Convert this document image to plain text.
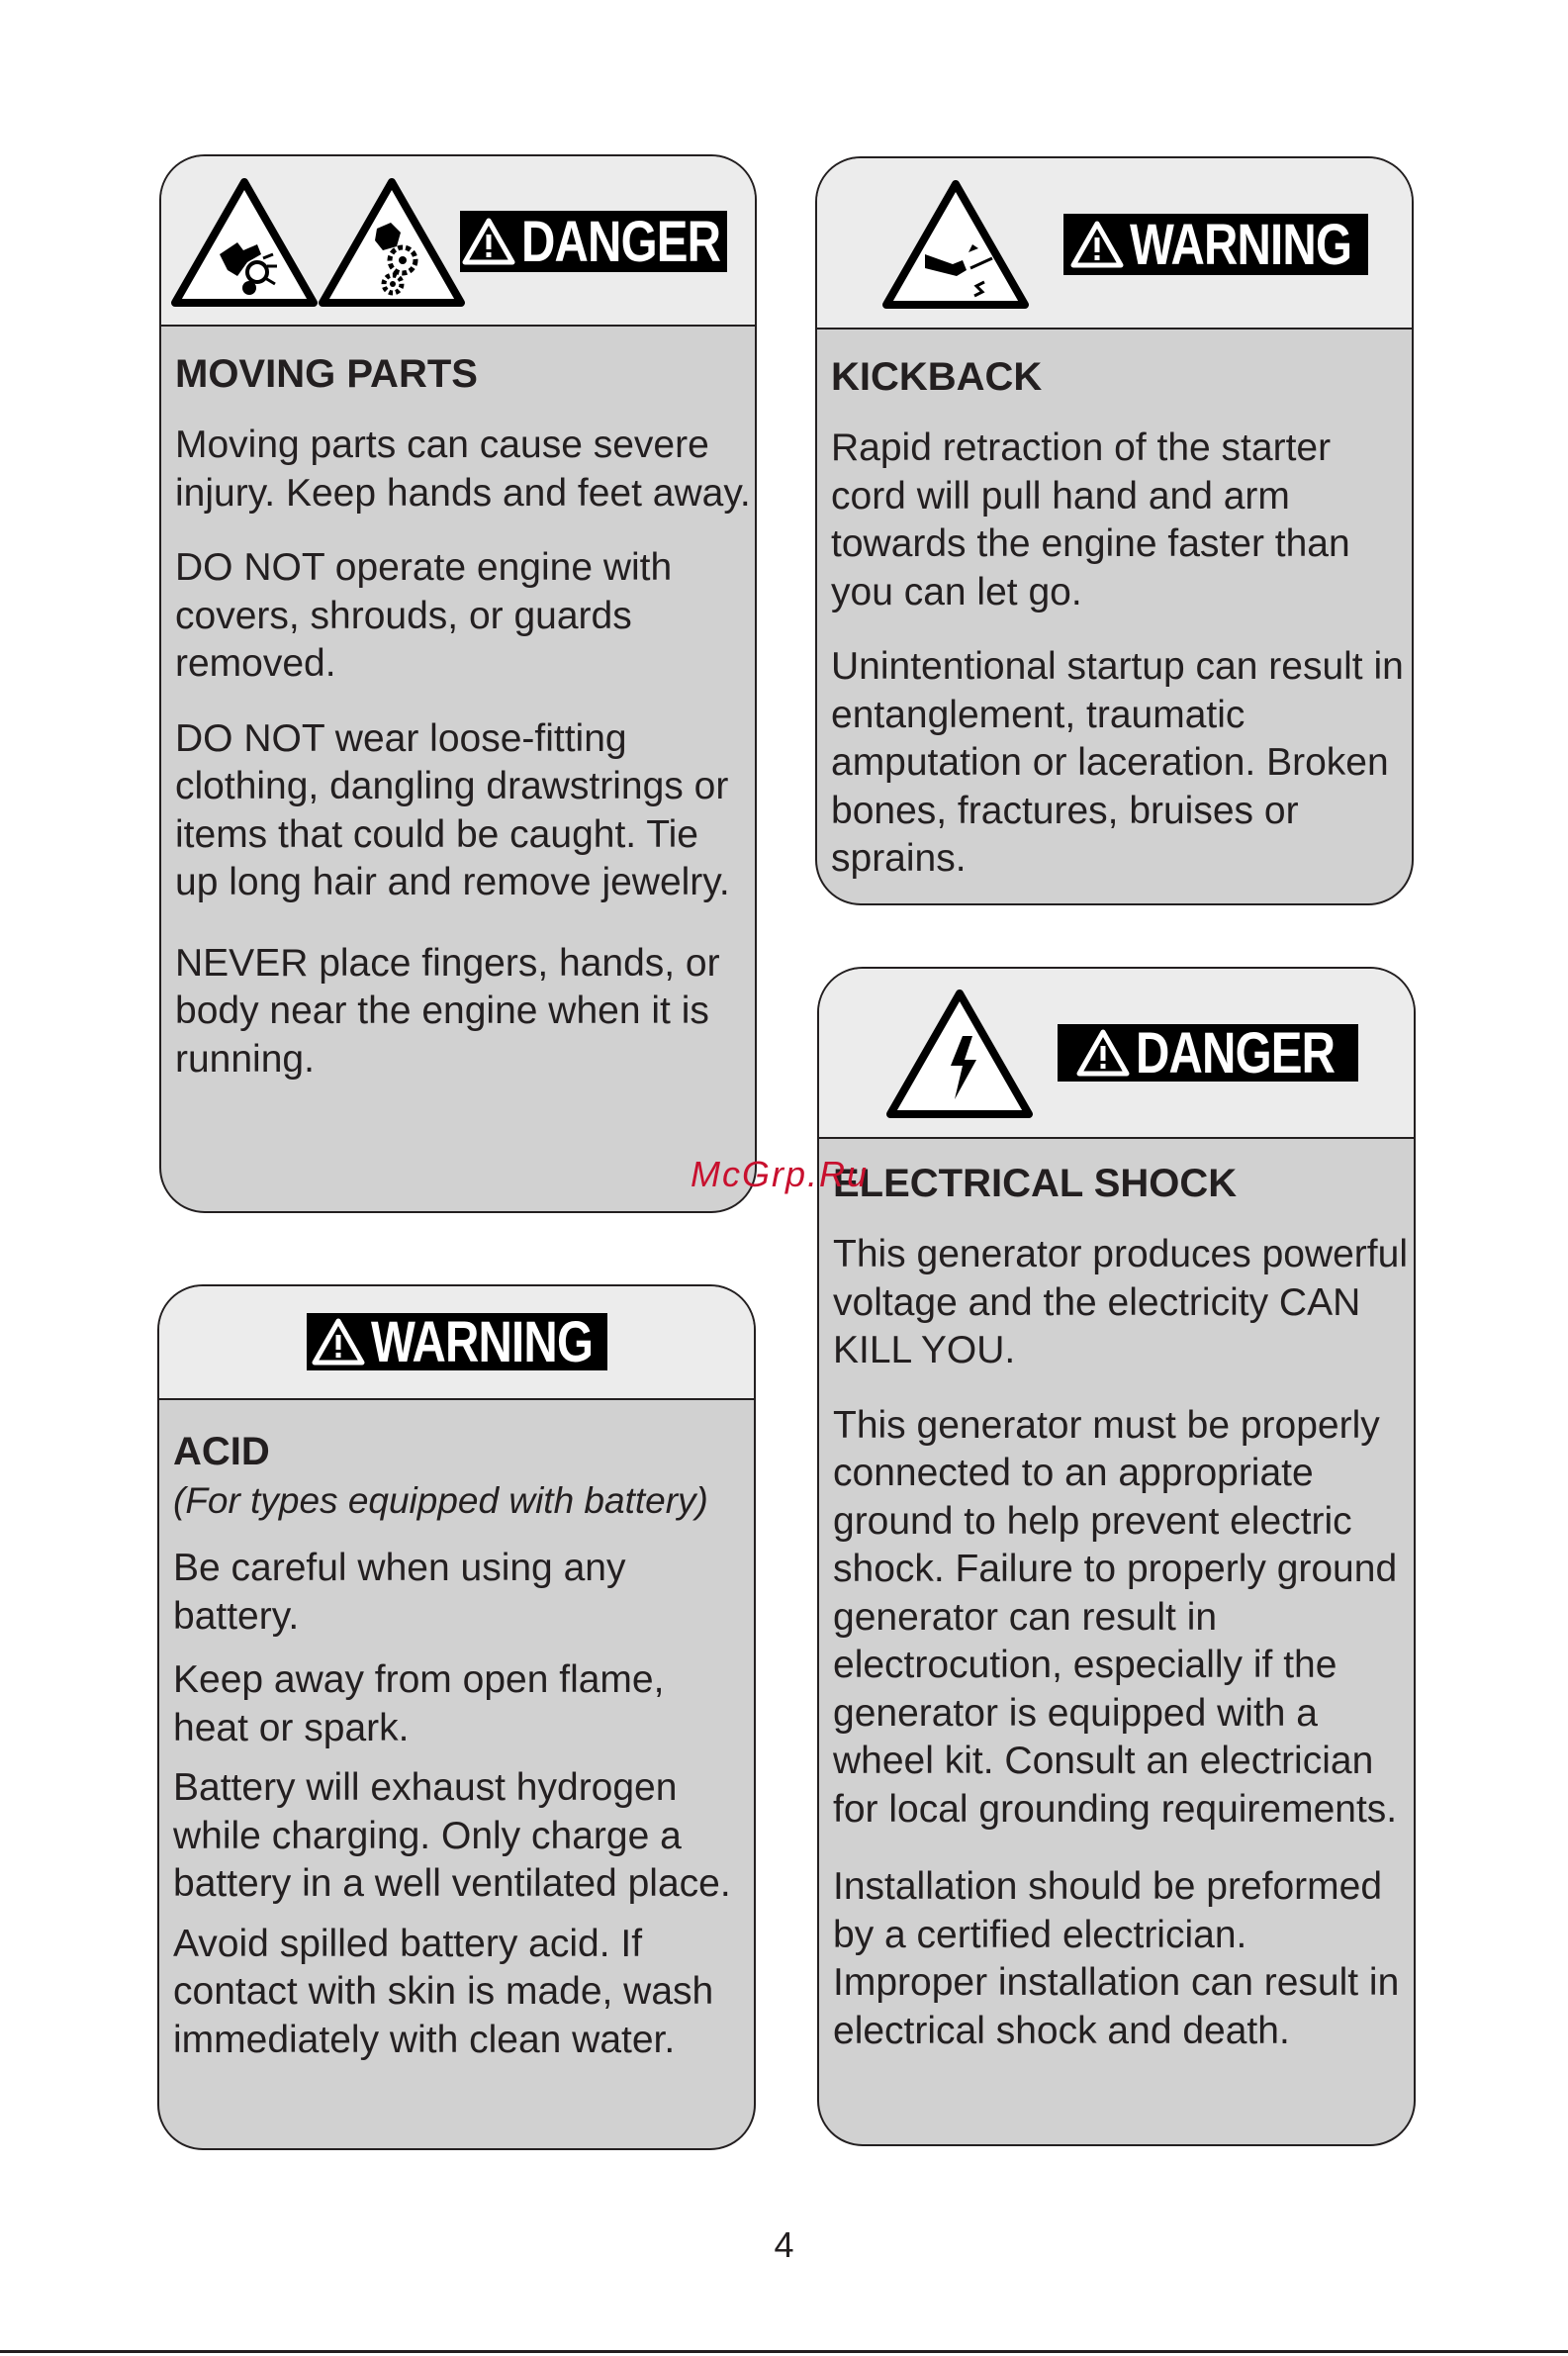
DANGER
MOVING PARTS

Moving parts can cause severe injury. Keep hands and feet away.

DO NOT operate engine with covers, shrouds, or guards removed.

DO NOT wear loose-fitting clothing, dangling drawstrings or items that could be caught. Tie up long hair and remove jewelry.

NEVER place fingers, hands, or body near the engine when it is running.

WARNING
KICKBACK

Rapid retraction of the starter cord will pull hand and arm towards the engine faster than you can let go.

Unintentional startup can result in entanglement, traumatic amputation or laceration. Broken bones, fractures, bruises or sprains.

DANGER
ELECTRICAL SHOCK

This generator produces powerful voltage and the electricity CAN KILL YOU.

This generator must be properly connected to an appropriate ground to help prevent electric shock. Failure to properly ground generator can result in electrocution, especially if the generator is equipped with a wheel kit. Consult an electrician for local grounding requirements.

Installation should be preformed by a certified electrician. Improper installation can result in electrical shock and death.

WARNING
ACID

(For types equipped with battery)

Be careful when using any battery.

Keep away from open flame, heat or spark.

Battery will exhaust hydrogen while charging. Only charge a battery in a well ventilated place.

Avoid spilled battery acid. If contact with skin is made, wash immediately with clean water.

McGrp.Ru
4
